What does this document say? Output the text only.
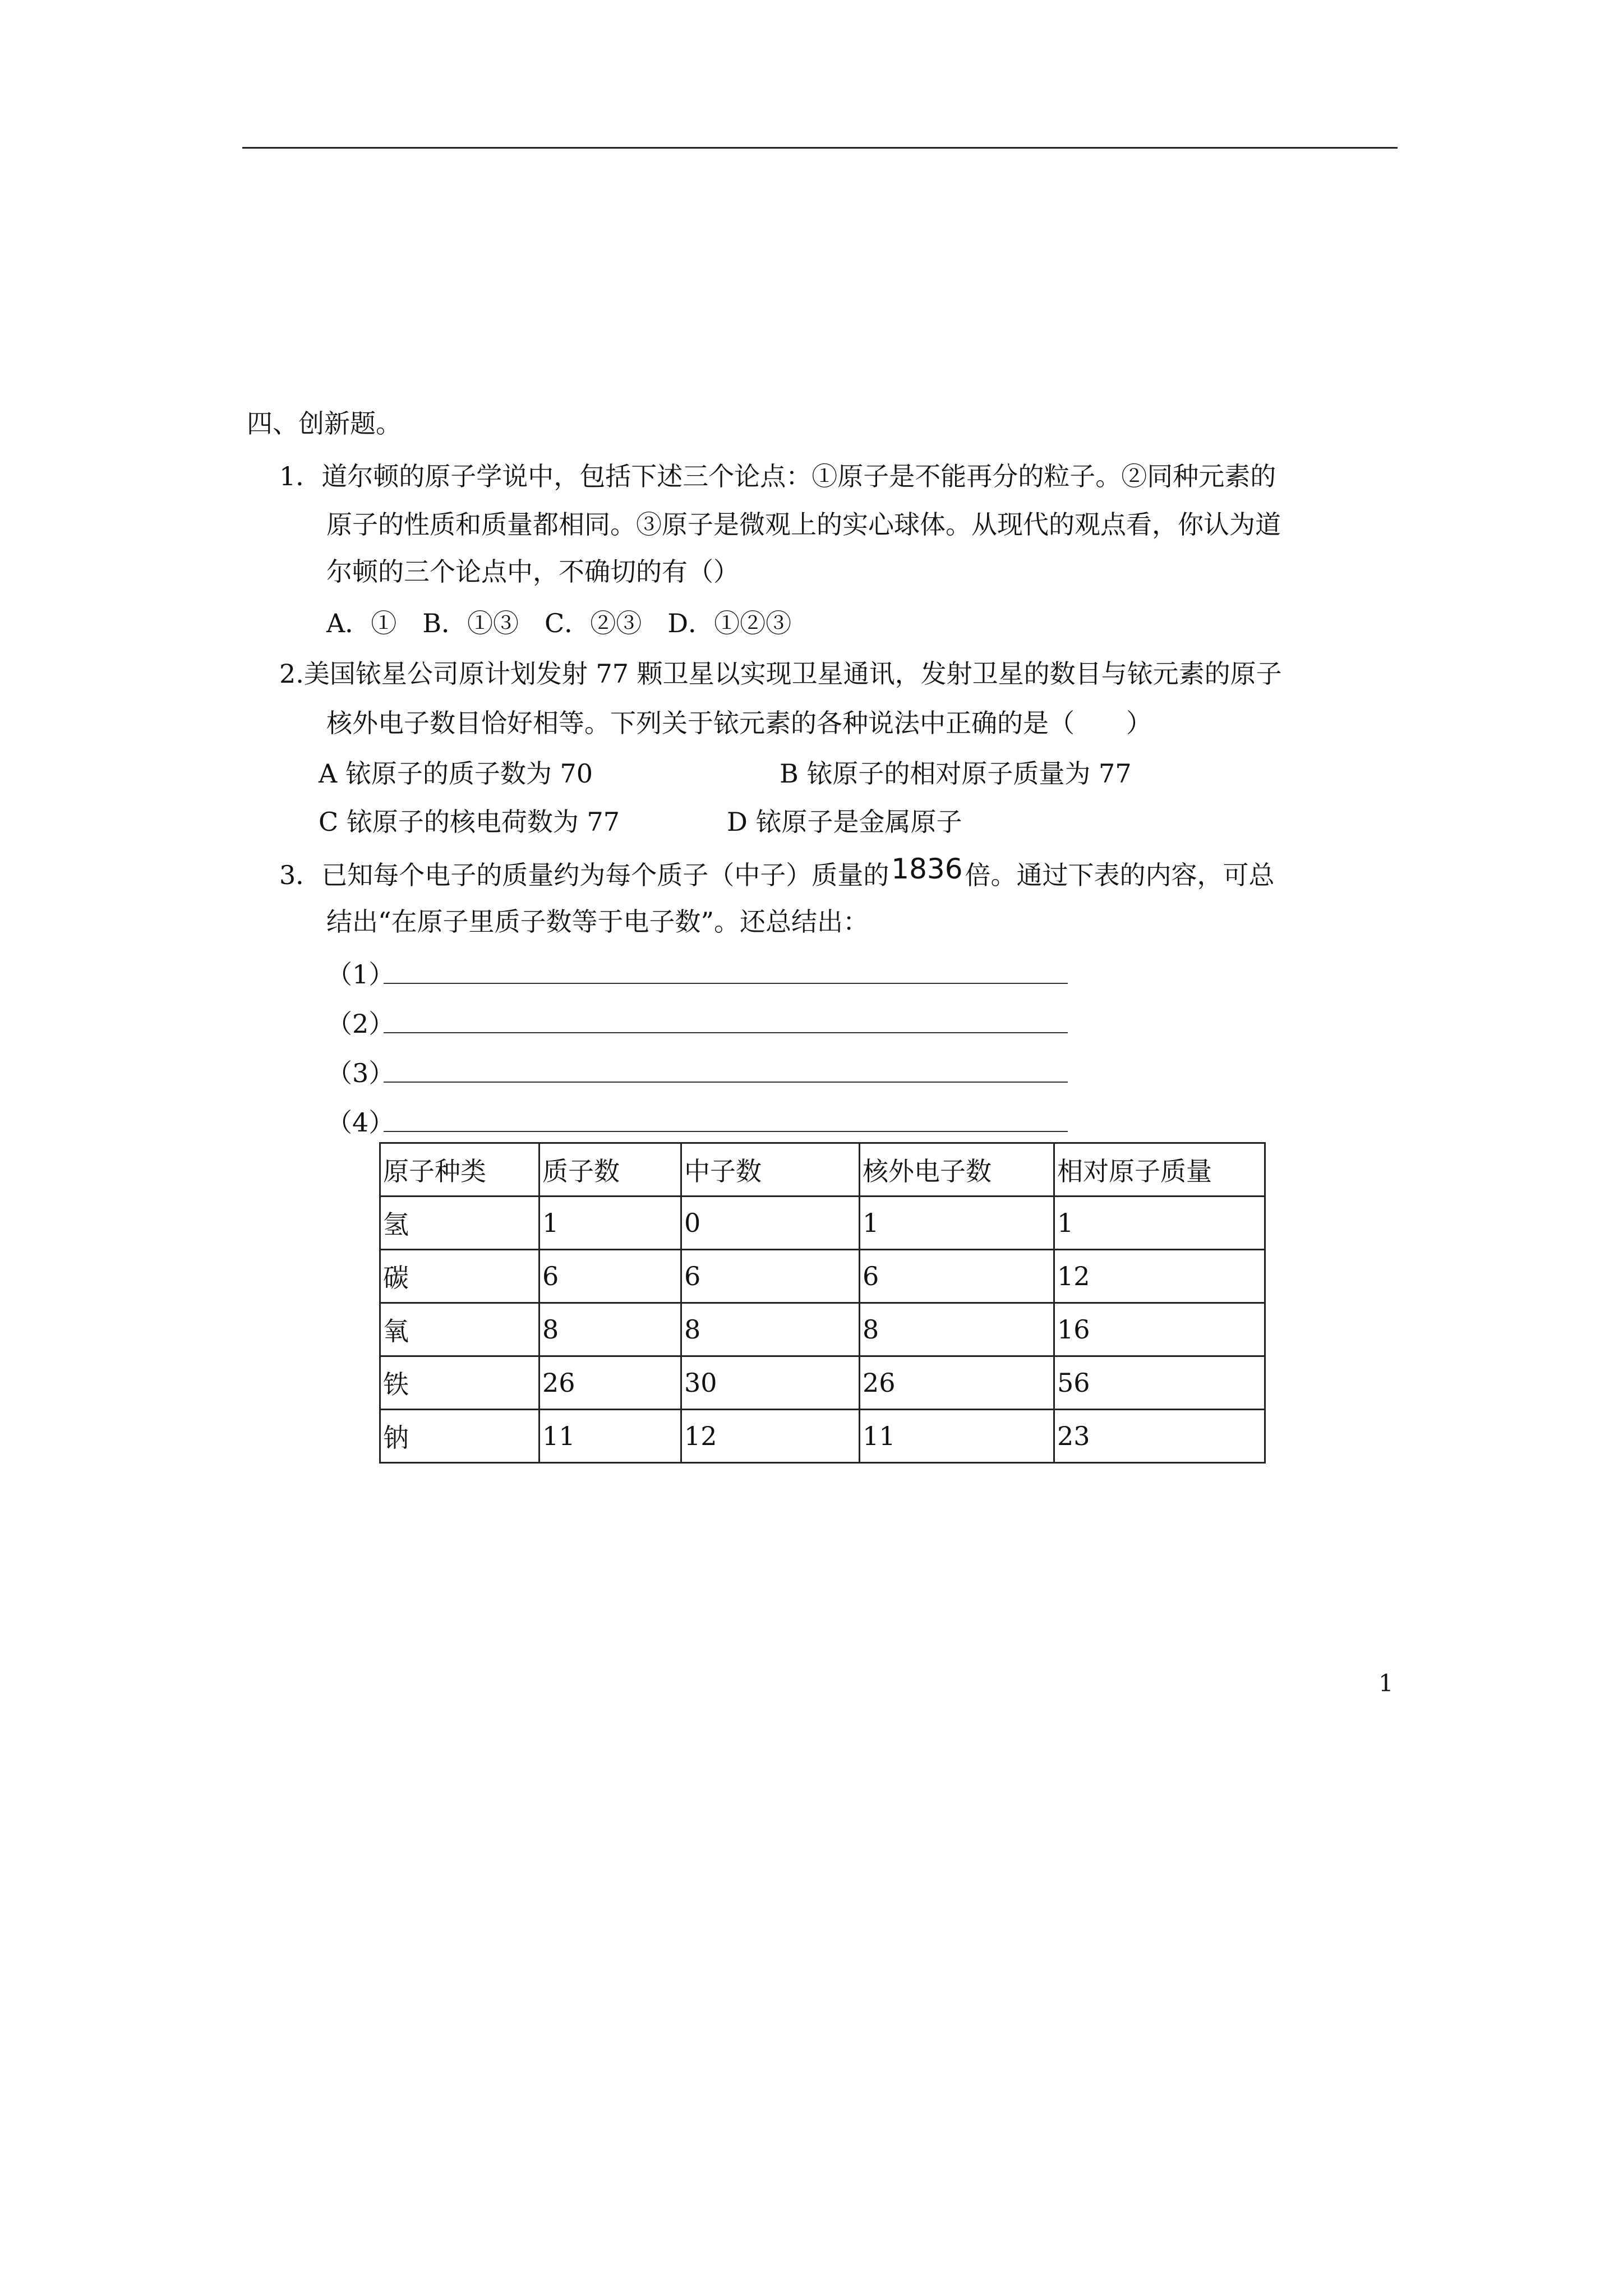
四、创新题。
1．道尔顿的原子学说中，包括下述三个论点：①原子是不能再分的粒子。②同种元素的
原子的性质和质量都相同。③原子是微观上的实心球体。从现代的观点看，你认为道
尔顿的三个论点中，不确切的有（）
A．①　B．①③　C．②③　D．①②③
2.美国铱星公司原计划发射 77 颗卫星以实现卫星通讯，发射卫星的数目与铱元素的原子
核外电子数目恰好相等。下列关于铱元素的各种说法中正确的是（　　）
A 铱原子的质子数为 70	B 铱原子的相对原子质量为 77
C 铱原子的核电荷数为 77	D 铱原子是金属原子
3．已知每个电子的质量约为每个质子（中子）质量的1836倍。通过下表的内容，可总
结出“在原子里质子数等于电子数”。还总结出：
（1）
（2）
（3）
（4）
原子种类	质子数	中子数	核外电子数	相对原子质量
氢	1	0	1	1
碳	6	6	6	12
氧	8	8	8	16
铁	26	30	26	56
钠	11	12	11	23
1
